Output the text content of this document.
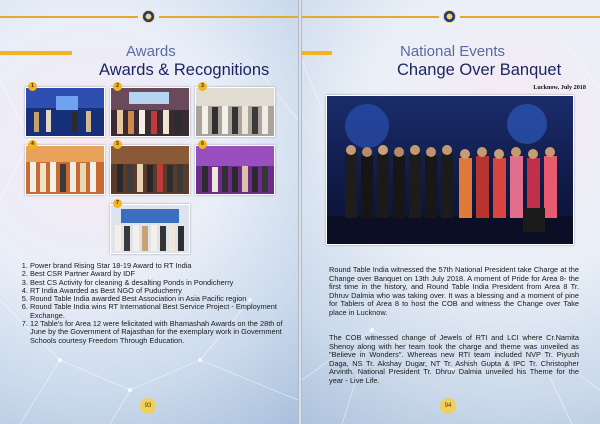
Awards
Awards & Recognitions
1	2	3
4	5	6
7
1. Power brand Rising Star 18-19 Award to RT India
2. Best CSR Partner Award by IDF
3. Best CS Activity for cleaning & desalting Ponds in Pondicherry
4. RT India Awarded as Best NGO of Puducherry
5. Round Table India awarded Best Association in Asia Pacific region
6. Round Table India wins RT International Best Service Project - Employment Exchange.
7. 12 Table's for Area 12 were felicitated with Bhamashah Awards on the 28th of June by the Government of Rajasthan for the exemplary work in Government Schools courtesy Freedom Through Education.
93
National Events
Change Over Banquet
Lucknow, July 2018
Round Table India witnessed the 57th National President take Charge at the Change over Banquet on 13th July 2018. A moment of Pride for Area 8- the first time in the history, and Round Table India President from Area 8 Tr. Dhruv Dalmia who was taking over. It was a blessing and a moment of pine for Tablers of Area 8 to host the COB and witness the Change over Take place in Lucknow.
The COB witnessed change of Jewels of RTI and LCI where Cr.Namita Shenoy along with her team took the charge and theme was unveiled as "Believe in Wonders". Whereas new RTI team included NVP Tr. Piyush Daga, NS Tr. Akshay Dugar, NT Tr. Ashish Gupta & IPC Tr. Christopher Arvinth. National President Tr. Dhruv Dalmia unveiled his Theme for the year - Live Life.
94
